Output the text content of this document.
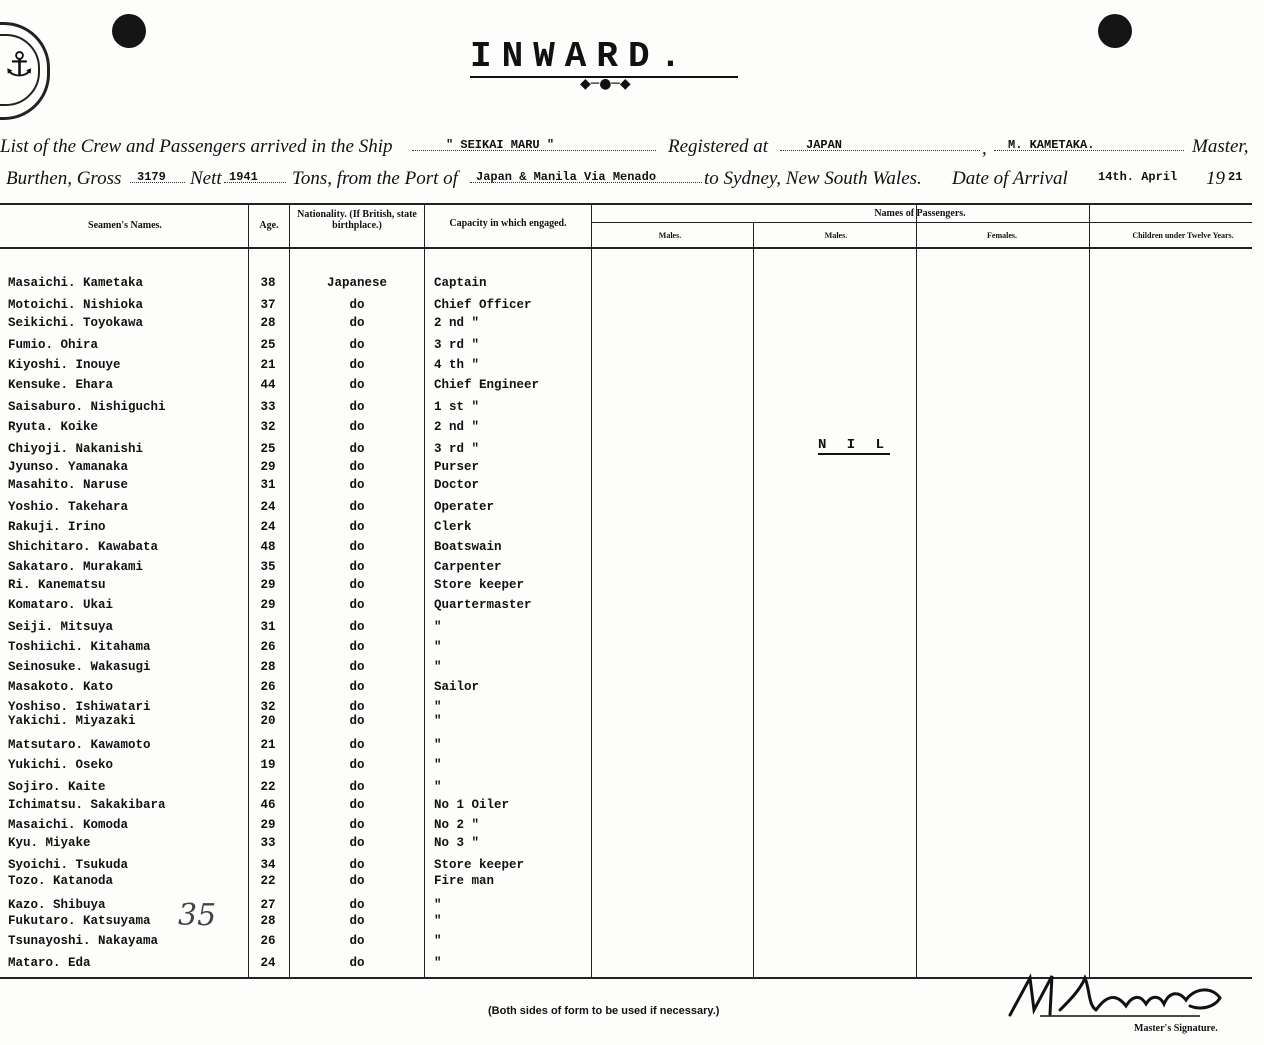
⚓
	INWARD.
◆─●─◆
List of the Crew and Passengers arrived in the Ship	" SEIKAI MARU "	Registered at	JAPAN	, M. KAMETAKA.	Master,
Burthen, Gross 3179 Nett 1941 Tons, from the Port of Japan & Manila Via Menado	to Sydney, New South Wales. Date of Arrival	14th. April 19 21
Seamen's Names.	Age.
Nationality. (If British, state birthplace.)	Capacity in which engaged.
Names of Passengers.
Males.	Males.	Females.	Children under Twelve Years.
Masaichi. Kametaka	38	Japanese	Captain
Motoichi. Nishioka	37	do	Chief Officer
Seikichi. Toyokawa	28	do	2 nd "
Fumio. Ohira	25	do	3 rd "
Kiyoshi. Inouye	21	do	4 th "
Kensuke. Ehara	44	do	Chief Engineer
Saisaburo. Nishiguchi	33	do	1 st "
Ryuta. Koike	32	do	2 nd "
Chiyoji. Nakanishi	25	do	3 rd "
Jyunso. Yamanaka	29	do	Purser
Masahito. Naruse	31	do	Doctor
Yoshio. Takehara	24	do	Operater
Rakuji. Irino	24	do	Clerk
Shichitaro. Kawabata	48	do	Boatswain
Sakataro. Murakami	35	do	Carpenter
Ri. Kanematsu	29	do	Store keeper
Komataro. Ukai	29	do	Quartermaster
Seiji. Mitsuya	31	do	"
Toshiichi. Kitahama	26	do	"
Seinosuke. Wakasugi	28	do	"
Masakoto. Kato	26	do	Sailor
Yoshiso. Ishiwatari	32	do	"
Yakichi. Miyazaki	20	do	"
Matsutaro. Kawamoto	21	do	"
Yukichi. Oseko	19	do	"
Sojiro. Kaite	22	do	"
Ichimatsu. Sakakibara	46	do	No 1 Oiler
Masaichi. Komoda	29	do	No 2 "
Kyu. Miyake	33	do	No 3 "
Syoichi. Tsukuda	34	do	Store keeper
Tozo. Katanoda	22	do	Fire man
Kazo. Shibuya	27	do	"
Fukutaro. Katsuyama	28	do	"
Tsunayoshi. Nakayama	26	do	"
Mataro. Eda	24	do	"

N I L
35
(Both sides of form to be used if necessary.)
Master's Signature.
